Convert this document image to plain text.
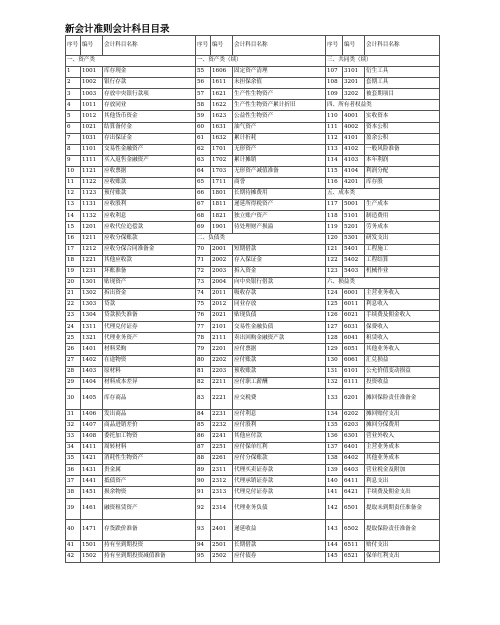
新会计准则会计科目目录
序号	编号	会计科目名称	序号	编号	会计科目名称	序号	编号	会计科目名称
一、资产类			一、资产类（续）			三、共同类（续）		
1	1001	库存现金	55	1606	固定资产清理	107	3101	衍生工具
2	1002	银行存款	56	1611	未担保余值	108	3201	套期工具
3	1003	存放中央银行款项	57	1621	生产性生物资产	109	3202	被套期项目
4	1011	存放同业	58	1622	生产性生物资产累计折旧	四、所有者权益类		
5	1012	其他货币资金	59	1623	公益性生物资产	110	4001	实收资本
6	1021	结算备付金	60	1631	油气资产	111	4002	资本公积
7	1031	存出保证金	61	1632	累计折耗	112	4101	盈余公积
8	1101	交易性金融资产	62	1701	无形资产	113	4102	一般风险准备
9	1111	买入返售金融资产	63	1702	累计摊销	114	4103	本年利润
10	1121	应收票据	64	1703	无形资产减值准备	115	4104	利润分配
11	1122	应收账款	65	1711	商誉	116	4201	库存股
12	1123	预付账款	66	1801	长期待摊费用	五、成本类		
13	1131	应收股利	67	1811	递延所得税资产	117	5001	生产成本
14	1132	应收利息	68	1821	独立账户资产	118	5101	制造费用
15	1201	应收代位追偿款	69	1901	待处理财产损溢	119	5201	劳务成本
16	1211	应收分保账款	二、负债类			120	5301	研发支出
17	1212	应收分保合同准备金	70	2001	短期借款	121	5401	工程施工
18	1221	其他应收款	71	2002	存入保证金	122	5402	工程结算
19	1231	坏账准备	72	2003	拆入资金	123	5403	机械作业
20	1301	贴现资产	73	2004	向中央银行借款	六、损益类		
21	1302	拆出资金	74	2011	吸收存款	124	6001	主营业务收入
22	1303	贷款	75	2012	同业存放	125	6011	利息收入
23	1304	贷款损失准备	76	2021	贴现负债	126	6021	手续费及佣金收入
24	1311	代理兑付证券	77	2101	交易性金融负债	127	6031	保费收入
25	1321	代理业务资产	78	2111	卖出回购金融资产款	128	6041	租赁收入
26	1401	材料采购	79	2201	应付票据	129	6051	其他业务收入
27	1402	在途物资	80	2202	应付账款	130	6061	汇兑损益
28	1403	原材料	81	2203	预收账款	131	6101	公允价值变动损益
29	1404	材料成本差异	82	2211	应付职工薪酬	132	6111	投资收益
30	1405	库存商品	83	2221	应交税费	133	6201	摊回保险责任准备金
31	1406	发出商品	84	2231	应付利息	134	6202	摊回赔付支出
32	1407	商品进销差价	85	2232	应付股利	135	6203	摊回分保费用
33	1408	委托加工物资	86	2241	其他应付款	136	6301	营业外收入
34	1411	周转材料	87	2251	应付保单红利	137	6401	主营业务成本
35	1421	消耗性生物资产	88	2261	应付分保账款	138	6402	其他业务成本
36	1431	贵金属	89	2311	代理买卖证券款	139	6403	营业税金及附加
37	1441	抵债资产	90	2312	代理承销证券款	140	6411	利息支出
38	1451	损余物资	91	2313	代理兑付证券款	141	6421	手续费及佣金支出
39	1461	融资租赁资产	92	2314	代理业务负债	142	6501	提取未到期责任准备金
40	1471	存货跌价准备	93	2401	递延收益	143	6502	提取保险责任准备金
41	1501	持有至到期投资	94	2501	长期借款	144	6511	赔付支出
42	1502	持有至到期投资减值准备	95	2502	应付债券	145	6521	保单红利支出
